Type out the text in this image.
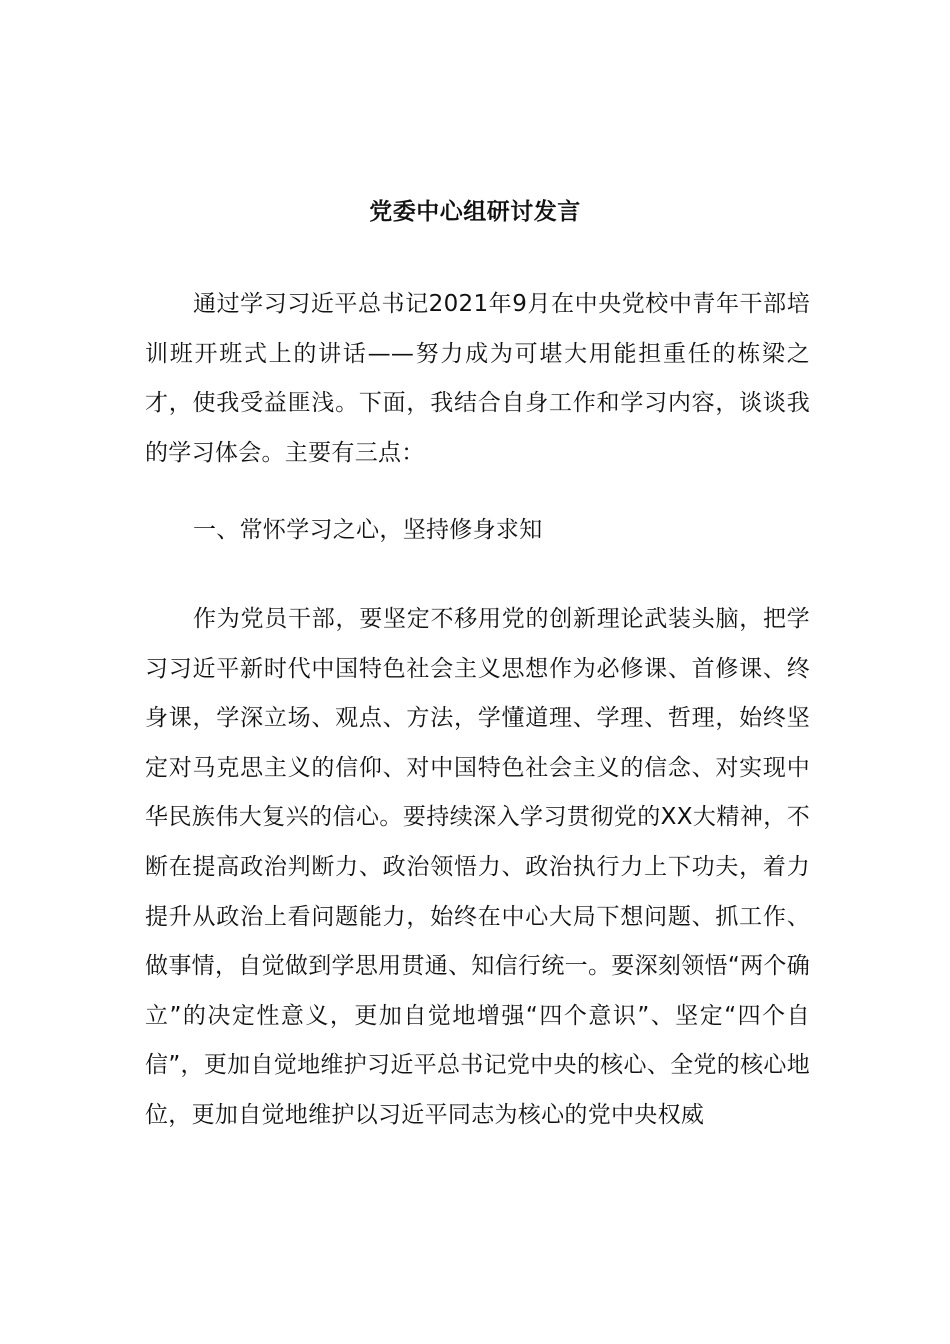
党委中心组研讨发言

通过学习习近平总书记2021年9月在中央党校中青年干部培训班开班式上的讲话——努力成为可堪大用能担重任的栋梁之才，使我受益匪浅。下面，我结合自身工作和学习内容，谈谈我的学习体会。主要有三点：

一、常怀学习之心，坚持修身求知

作为党员干部，要坚定不移用党的创新理论武装头脑，把学习习近平新时代中国特色社会主义思想作为必修课、首修课、终身课，学深立场、观点、方法，学懂道理、学理、哲理，始终坚定对马克思主义的信仰、对中国特色社会主义的信念、对实现中华民族伟大复兴的信心。要持续深入学习贯彻党的XX大精神，不断在提高政治判断力、政治领悟力、政治执行力上下功夫，着力提升从政治上看问题能力，始终在中心大局下想问题、抓工作、做事情，自觉做到学思用贯通、知信行统一。要深刻领悟“两个确立”的决定性意义，更加自觉地增强“四个意识”、坚定“四个自信”，更加自觉地维护习近平总书记党中央的核心、全党的核心地位，更加自觉地维护以习近平同志为核心的党中央权威
